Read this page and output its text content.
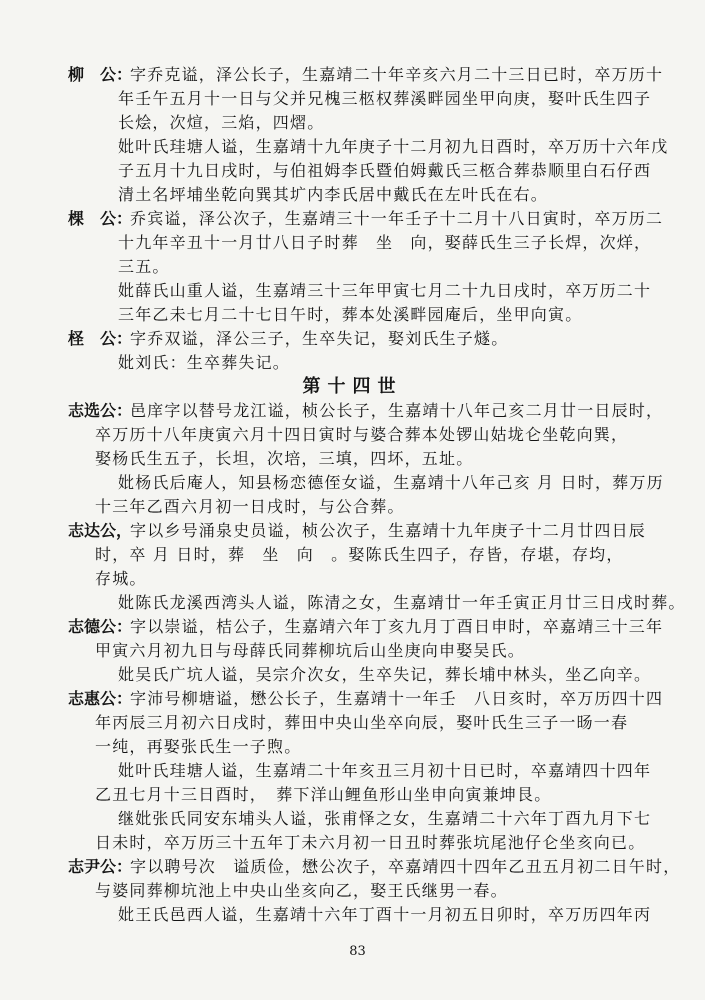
柳　公：字乔克谥，泽公长子，生嘉靖二十年辛亥六月二十三日已时，卒万历十
年壬午五月十一日与父并兄槐三柩权葬溪畔园坐甲向庚，娶叶氏生四子
长烩，次煊，三焰，四熠。
妣叶氏珪塘人谥，生嘉靖十九年庚子十二月初九日酉时，卒万历十六年戊
子五月十九日戌时，与伯祖姆李氏暨伯姆戴氏三柩合葬恭顺里白石仔西
清土名坪埔坐乾向巽其圹内李氏居中戴氏在左叶氏在右。
棵　公：乔宾谥，泽公次子，生嘉靖三十一年壬子十二月十八日寅时，卒万历二
十九年辛丑十一月廿八日子时葬　坐　向，娶薛氏生三子长焊，次烊，
三五。
妣薛氏山重人谥，生嘉靖三十三年甲寅七月二十九日戌时，卒万历二十
三年乙未七月二十七日午时，葬本处溪畔园庵后，坐甲向寅。
柽　公：字乔双谥，泽公三子，生卒失记，娶刘氏生子燧。
妣刘氏：生卒葬失记。
第十四世
志选公：邑庠字以替号龙江谥，桢公长子，生嘉靖十八年己亥二月廿一日辰时，
卒万历十八年庚寅六月十四日寅时与婆合葬本处锣山姑垅仑坐乾向巽，
娶杨氏生五子，长坦，次培，三填，四坏，五址。
妣杨氏后庵人，知县杨恋德侄女谥，生嘉靖十八年己亥 月 日时，葬万历
十三年乙酉六月初一日戌时，与公合葬。
志达公，字以乡号涌泉史员谥，桢公次子，生嘉靖十九年庚子十二月廿四日辰
时，卒 月 日时，葬　坐　向　。娶陈氏生四子，存皆，存堪，存均，
存城。
妣陈氏龙溪西湾头人谥，陈清之女，生嘉靖廿一年壬寅正月廿三日戌时葬。
志德公：字以崇谥，桔公子，生嘉靖六年丁亥九月丁酉日申时，卒嘉靖三十三年
甲寅六月初九日与母薛氏同葬柳坑后山坐庚向申娶吴氏。
妣吴氏广坑人谥，吴宗介次女，生卒失记，葬长埔中林头，坐乙向辛。
志惠公：字沛号柳塘谥，懋公长子，生嘉靖十一年壬　八日亥时，卒万历四十四
年丙辰三月初六日戌时，葬田中央山坐卒向辰，娶叶氏生三子一旸一春
一纯，再娶张氏生一子煦。
妣叶氏珪塘人谥，生嘉靖二十年亥丑三月初十日已时，卒嘉靖四十四年
乙丑七月十三日酉时，　葬下洋山鲤鱼形山坐申向寅兼坤艮。
继妣张氏同安东埔头人谥，张甫怿之女，生嘉靖二十六年丁酉九月下七
日未时，卒万历三十五年丁未六月初一日丑时葬张坑尾池仔仑坐亥向已。
志尹公：字以聘号次　谥质俭，懋公次子，卒嘉靖四十四年乙丑五月初二日午时，
与婆同葬柳坑池上中央山坐亥向乙，娶王氏继男一春。
妣王氏邑西人谥，生嘉靖十六年丁酉十一月初五日卯时，卒万历四年丙
83
